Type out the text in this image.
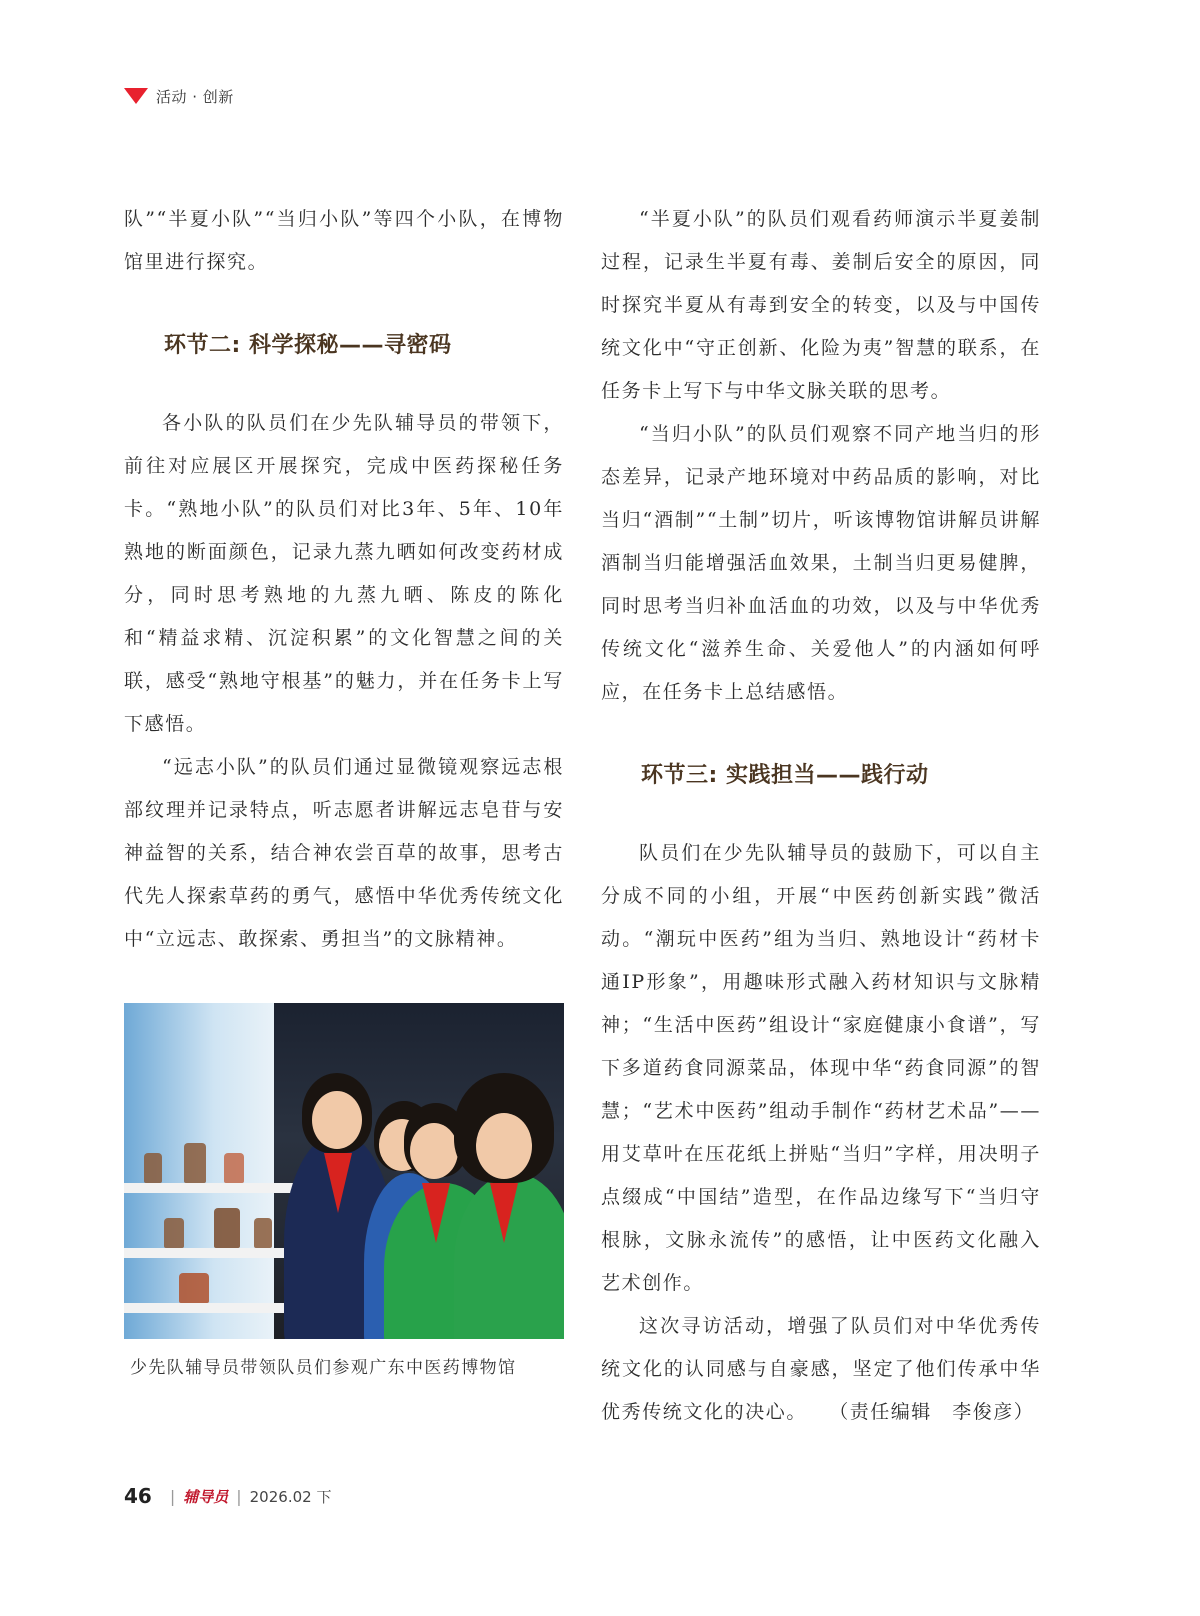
活动 · 创新

队”“半夏小队”“当归小队”等四个小队，在博物馆里进行探究。

环节二: 科学探秘——寻密码

各小队的队员们在少先队辅导员的带领下，前往对应展区开展探究，完成中医药探秘任务卡。“熟地小队”的队员们对比3年、5年、10年熟地的断面颜色，记录九蒸九晒如何改变药材成分，同时思考熟地的九蒸九晒、陈皮的陈化和“精益求精、沉淀积累”的文化智慧之间的关联，感受“熟地守根基”的魅力，并在任务卡上写下感悟。

“远志小队”的队员们通过显微镜观察远志根部纹理并记录特点，听志愿者讲解远志皂苷与安神益智的关系，结合神农尝百草的故事，思考古代先人探索草药的勇气，感悟中华优秀传统文化中“立远志、敢探索、勇担当”的文脉精神。

少先队辅导员带领队员们参观广东中医药博物馆

“半夏小队”的队员们观看药师演示半夏姜制过程，记录生半夏有毒、姜制后安全的原因，同时探究半夏从有毒到安全的转变，以及与中国传统文化中“守正创新、化险为夷”智慧的联系，在任务卡上写下与中华文脉关联的思考。

“当归小队”的队员们观察不同产地当归的形态差异，记录产地环境对中药品质的影响，对比当归“酒制”“土制”切片，听该博物馆讲解员讲解酒制当归能增强活血效果，土制当归更易健脾，同时思考当归补血活血的功效，以及与中华优秀传统文化“滋养生命、关爱他人”的内涵如何呼应，在任务卡上总结感悟。

环节三: 实践担当——践行动

队员们在少先队辅导员的鼓励下，可以自主分成不同的小组，开展“中医药创新实践”微活动。“潮玩中医药”组为当归、熟地设计“药材卡通IP形象”，用趣味形式融入药材知识与文脉精神；“生活中医药”组设计“家庭健康小食谱”，写下多道药食同源菜品，体现中华“药食同源”的智慧；“艺术中医药”组动手制作“药材艺术品”——用艾草叶在压花纸上拼贴“当归”字样，用决明子点缀成“中国结”造型，在作品边缘写下“当归守根脉，文脉永流传”的感悟，让中医药文化融入艺术创作。

这次寻访活动，增强了队员们对中华优秀传统文化的认同感与自豪感，坚定了他们传承中华优秀传统文化的决心。　　 （责任编辑　李俊彦）

46 | 辅导员 | 2026.02 下
